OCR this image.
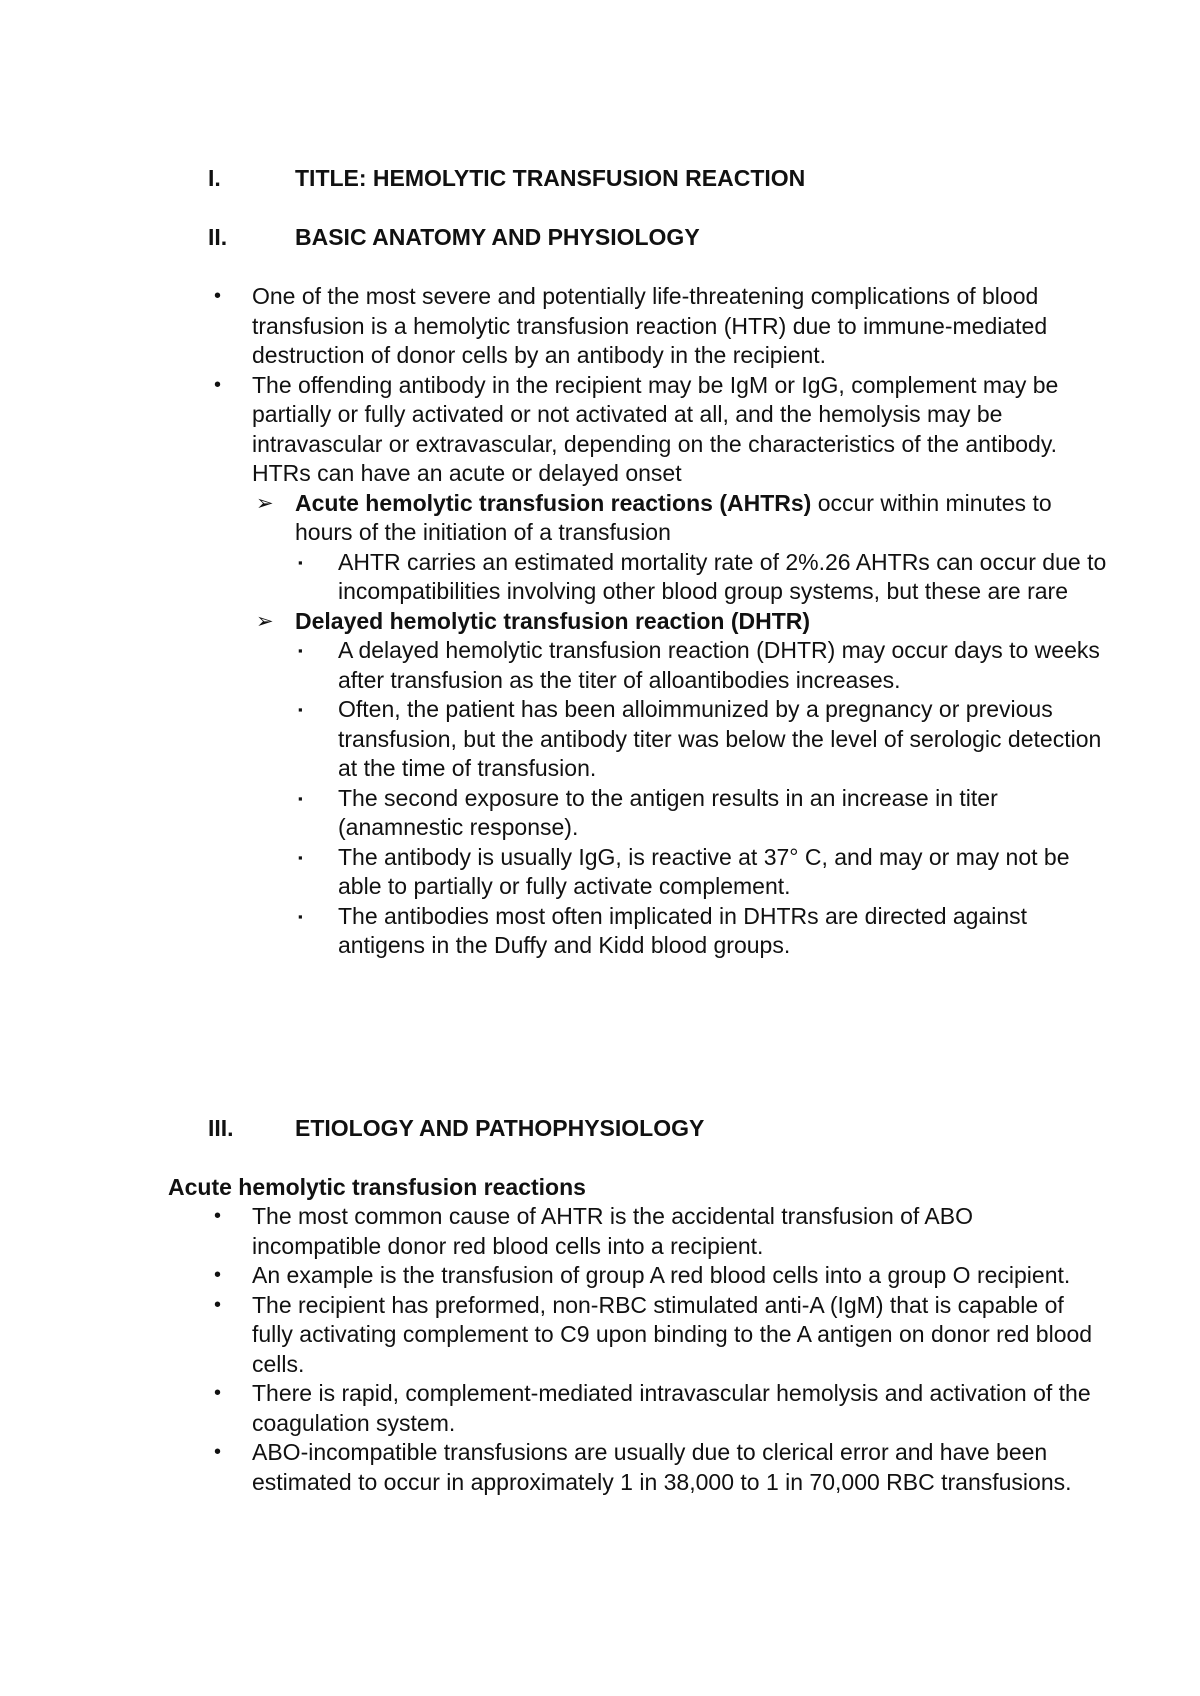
I.	TITLE: HEMOLYTIC TRANSFUSION REACTION
II.	BASIC ANATOMY AND PHYSIOLOGY
• One of the most severe and potentially life-threatening complications of blood transfusion is a hemolytic transfusion reaction (HTR) due to immune-mediated destruction of donor cells by an antibody in the recipient.
• The offending antibody in the recipient may be IgM or IgG, complement may be partially or fully activated or not activated at all, and the hemolysis may be intravascular or extravascular, depending on the characteristics of the antibody. HTRs can have an acute or delayed onset
➢ Acute hemolytic transfusion reactions (AHTRs) occur within minutes to hours of the initiation of a transfusion
▪ AHTR carries an estimated mortality rate of 2%.26 AHTRs can occur due to incompatibilities involving other blood group systems, but these are rare
➢ Delayed hemolytic transfusion reaction (DHTR)
▪ A delayed hemolytic transfusion reaction (DHTR) may occur days to weeks after transfusion as the titer of alloantibodies increases.
▪ Often, the patient has been alloimmunized by a pregnancy or previous transfusion, but the antibody titer was below the level of serologic detection at the time of transfusion.
▪ The second exposure to the antigen results in an increase in titer (anamnestic response).
▪ The antibody is usually IgG, is reactive at 37° C, and may or may not be able to partially or fully activate complement.
▪ The antibodies most often implicated in DHTRs are directed against antigens in the Duffy and Kidd blood groups.
III.	ETIOLOGY AND PATHOPHYSIOLOGY
Acute hemolytic transfusion reactions
• The most common cause of AHTR is the accidental transfusion of ABO incompatible donor red blood cells into a recipient.
• An example is the transfusion of group A red blood cells into a group O recipient.
• The recipient has preformed, non-RBC stimulated anti-A (IgM) that is capable of fully activating complement to C9 upon binding to the A antigen on donor red blood cells.
• There is rapid, complement-mediated intravascular hemolysis and activation of the coagulation system.
• ABO-incompatible transfusions are usually due to clerical error and have been estimated to occur in approximately 1 in 38,000 to 1 in 70,000 RBC transfusions.
